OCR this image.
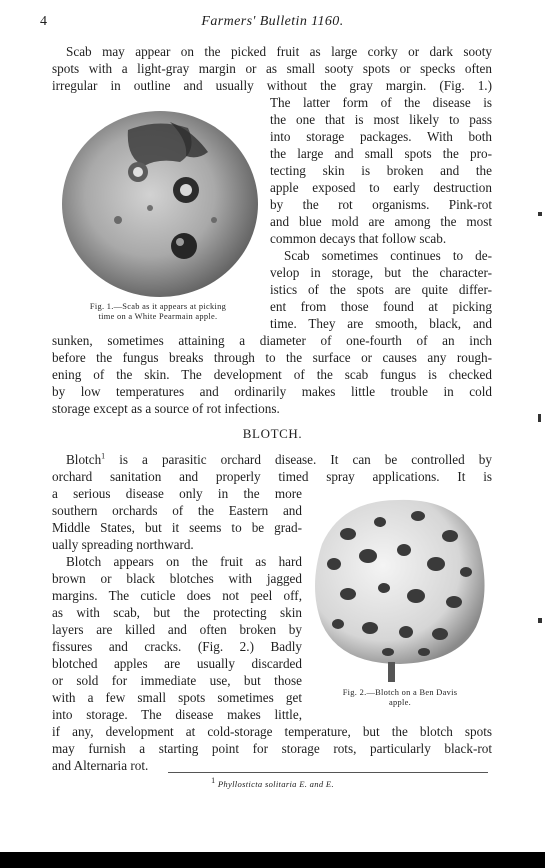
4	Farmers' Bulletin 1160.
Scab may appear on the picked fruit as large corky or dark sooty
spots with a light-gray margin or as small sooty spots or specks often
irregular in outline and usually without the gray margin. (Fig. 1.)
The latter form of the disease is
the one that is most likely to pass
into storage packages. With both
the large and small spots the pro-
tecting skin is broken and the
apple exposed to early destruction
by the rot organisms. Pink-rot
and blue mold are among the most
common decays that follow scab.
Scab sometimes continues to de-
velop in storage, but the character-
istics of the spots are quite differ-
ent from those found at picking
time. They are smooth, black, and
sunken, sometimes attaining a diameter of one-fourth of an inch
before the fungus breaks through to the surface or causes any rough-
ening of the skin. The development of the scab fungus is checked
by low temperatures and ordinarily makes little trouble in cold
storage except as a source of rot infections.
Fig. 1.—Scab as it appears at picking
time on a White Pearmain apple.
BLOTCH.
Blotch$^1$ is a parasitic orchard disease. It can be controlled by
orchard sanitation and properly timed spray applications. It is
a serious disease only in the more
southern orchards of the Eastern and
Middle States, but it seems to be grad-
ually spreading northward.
Blotch appears on the fruit as hard
brown or black blotches with jagged
margins. The cuticle does not peel off,
as with scab, but the protecting skin
layers are killed and often broken by
fissures and cracks. (Fig. 2.) Badly
blotched apples are usually discarded
or sold for immediate use, but those
with a few small spots sometimes get
into storage. The disease makes little,
if any, development at cold-storage temperature, but the blotch spots
may furnish a starting point for storage rots, particularly black-rot
and Alternaria rot.
Fig. 2.—Blotch on a Ben Davis
apple.
$^1$ Phyllosticta solitaria E. and E.
